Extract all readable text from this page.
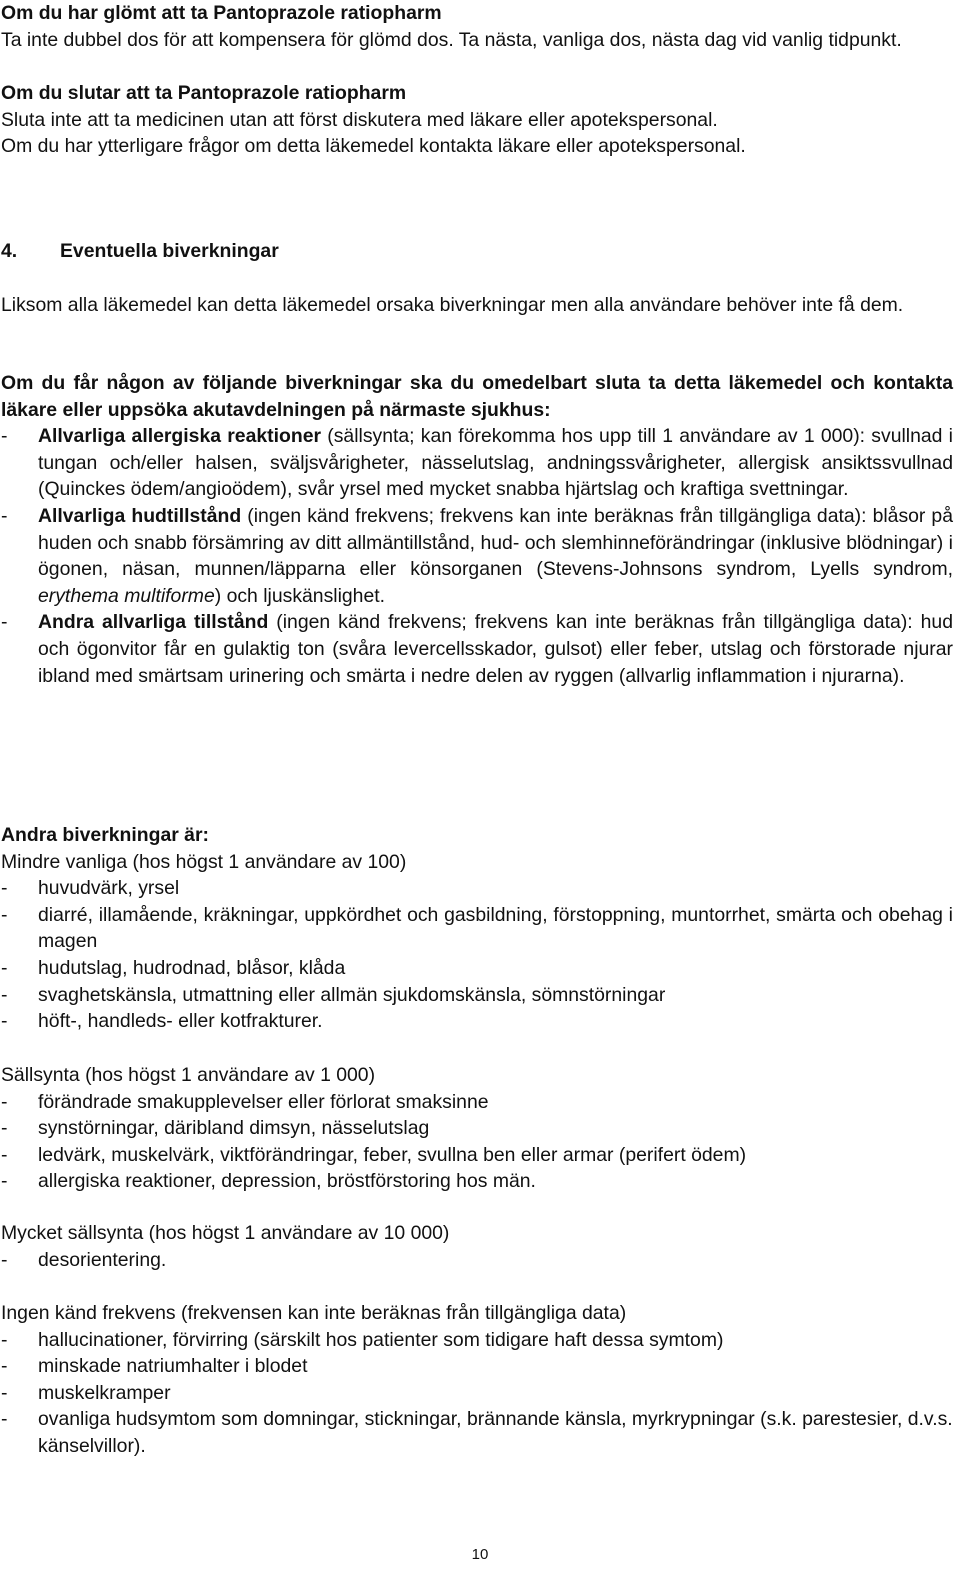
Om du har glömt att ta Pantoprazole ratiopharm
Ta inte dubbel dos för att kompensera för glömd dos. Ta nästa, vanliga dos, nästa dag vid vanlig tidpunkt.
Om du slutar att ta Pantoprazole ratiopharm
Sluta inte att ta medicinen utan att först diskutera med läkare eller apotekspersonal.
Om du har ytterligare frågor om detta läkemedel kontakta läkare eller apotekspersonal.
4. Eventuella biverkningar
Liksom alla läkemedel kan detta läkemedel orsaka biverkningar men alla användare behöver inte få dem.
Om du får någon av följande biverkningar ska du omedelbart sluta ta detta läkemedel och kontakta läkare eller uppsöka akutavdelningen på närmaste sjukhus:
-	Allvarliga allergiska reaktioner (sällsynta; kan förekomma hos upp till 1 användare av 1 000): svullnad i tungan och/eller halsen, sväljsvårigheter, nässelutslag, andningssvårigheter, allergisk ansiktssvullnad (Quinckes ödem/angioödem), svår yrsel med mycket snabba hjärtslag och kraftiga svettningar.
-	Allvarliga hudtillstånd (ingen känd frekvens; frekvens kan inte beräknas från tillgängliga data): blåsor på huden och snabb försämring av ditt allmäntillstånd, hud- och slemhinneförändringar (inklusive blödningar) i ögonen, näsan, munnen/läpparna eller könsorganen (Stevens-Johnsons syndrom, Lyells syndrom, erythema multiforme) och ljuskänslighet.
-	Andra allvarliga tillstånd (ingen känd frekvens; frekvens kan inte beräknas från tillgängliga data): hud och ögonvitor får en gulaktig ton (svåra levercellsskador, gulsot) eller feber, utslag och förstorade njurar ibland med smärtsam urinering och smärta i nedre delen av ryggen (allvarlig inflammation i njurarna).
Andra biverkningar är:
Mindre vanliga (hos högst 1 användare av 100)
-	huvudvärk, yrsel
-	diarré, illamående, kräkningar, uppkördhet och gasbildning, förstoppning, muntorrhet, smärta och obehag i magen
-	hudutslag, hudrodnad, blåsor, klåda
-	svaghetskänsla, utmattning eller allmän sjukdomskänsla, sömnstörningar
-	höft-, handleds- eller kotfrakturer.
Sällsynta (hos högst 1 användare av 1 000)
-	förändrade smakupplevelser eller förlorat smaksinne
-	synstörningar, däribland dimsyn, nässelutslag
-	ledvärk, muskelvärk, viktförändringar, feber, svullna ben eller armar (perifert ödem)
-	allergiska reaktioner, depression, bröstförstoring hos män.
Mycket sällsynta (hos högst 1 användare av 10 000)
-	desorientering.
Ingen känd frekvens (frekvensen kan inte beräknas från tillgängliga data)
-	hallucinationer, förvirring (särskilt hos patienter som tidigare haft dessa symtom)
-	minskade natriumhalter i blodet
-	muskelkramper
-	ovanliga hudsymtom som domningar, stickningar, brännande känsla, myrkrypningar (s.k. parestesier, d.v.s. känselvillor).
10
